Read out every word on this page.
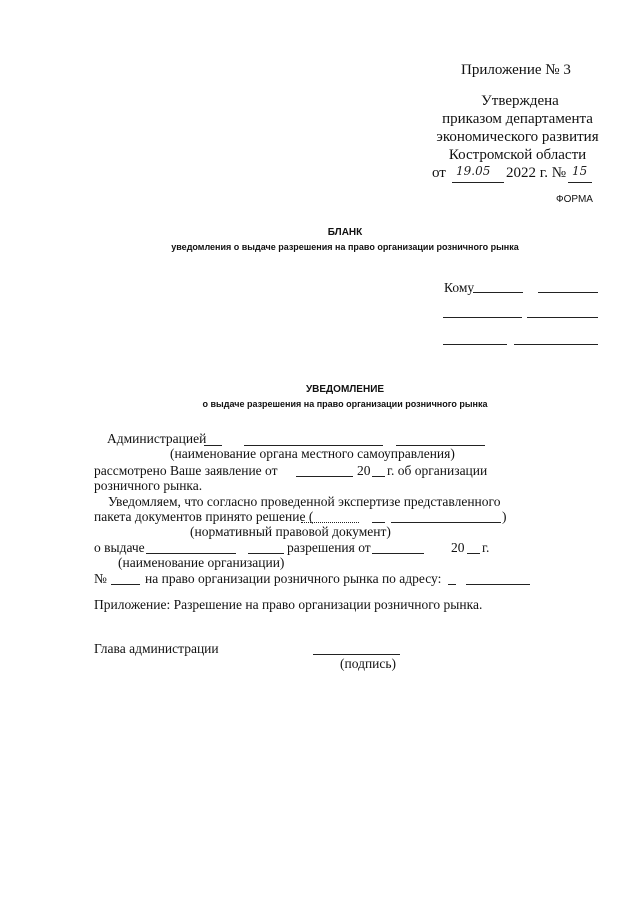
Приложение № 3
Утверждена
приказом департамента
экономического развития
Костромской области
от 19.05 2022 г. № 15
ФОРМА
БЛАНК
уведомления о выдаче разрешения на право организации розничного рынка
Кому
УВЕДОМЛЕНИЕ
о выдаче разрешения на право организации розничного рынка
Администрацией
(наименование органа местного самоуправления)
рассмотрено Ваше заявление от	20 г. об организации
розничного рынка.
Уведомляем, что согласно проведенной экспертизе представленного
пакета документов принято решение (	)
(нормативный правовой документ)
о выдаче	разрешения от	20 г.
(наименование организации)
№	на право организации розничного рынка по адресу:
Приложение: Разрешение на право организации розничного рынка.
Глава администрации
(подпись)
